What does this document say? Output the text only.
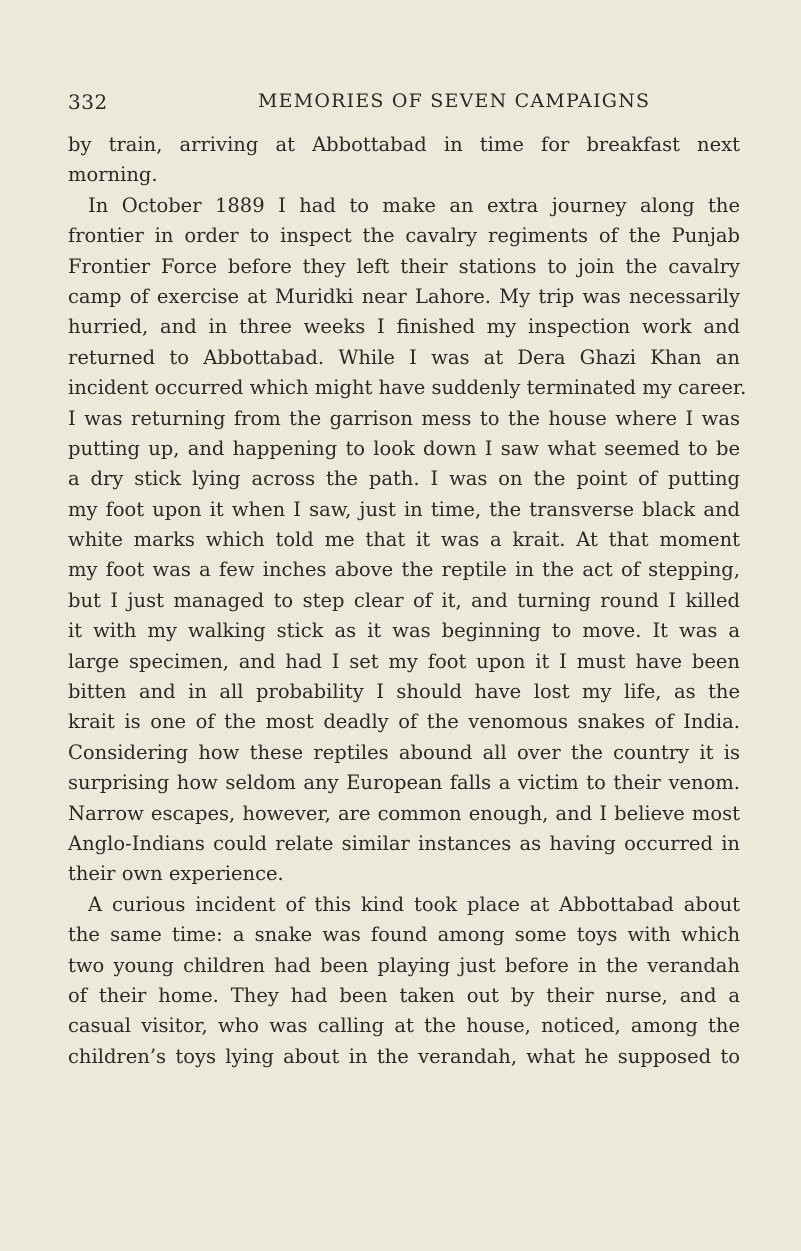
332	MEMORIES OF SEVEN CAMPAIGNS
by train, arriving at Abbottabad in time for breakfast next
morning.
In October 1889 I had to make an extra journey along the
frontier in order to inspect the cavalry regiments of the Punjab
Frontier Force before they left their stations to join the cavalry
camp of exercise at Muridki near Lahore. My trip was necessarily
hurried, and in three weeks I finished my inspection work and
returned to Abbottabad. While I was at Dera Ghazi Khan an
incident occurred which might have suddenly terminated my career.
I was returning from the garrison mess to the house where I was
putting up, and happening to look down I saw what seemed to be
a dry stick lying across the path. I was on the point of putting
my foot upon it when I saw, just in time, the transverse black and
white marks which told me that it was a krait. At that moment
my foot was a few inches above the reptile in the act of stepping,
but I just managed to step clear of it, and turning round I killed
it with my walking stick as it was beginning to move. It was a
large specimen, and had I set my foot upon it I must have been
bitten and in all probability I should have lost my life, as the
krait is one of the most deadly of the venomous snakes of India.
Considering how these reptiles abound all over the country it is
surprising how seldom any European falls a victim to their venom.
Narrow escapes, however, are common enough, and I believe most
Anglo-Indians could relate similar instances as having occurred in
their own experience.
A curious incident of this kind took place at Abbottabad about
the same time: a snake was found among some toys with which
two young children had been playing just before in the verandah
of their home. They had been taken out by their nurse, and a
casual visitor, who was calling at the house, noticed, among the
children’s toys lying about in the verandah, what he supposed to
